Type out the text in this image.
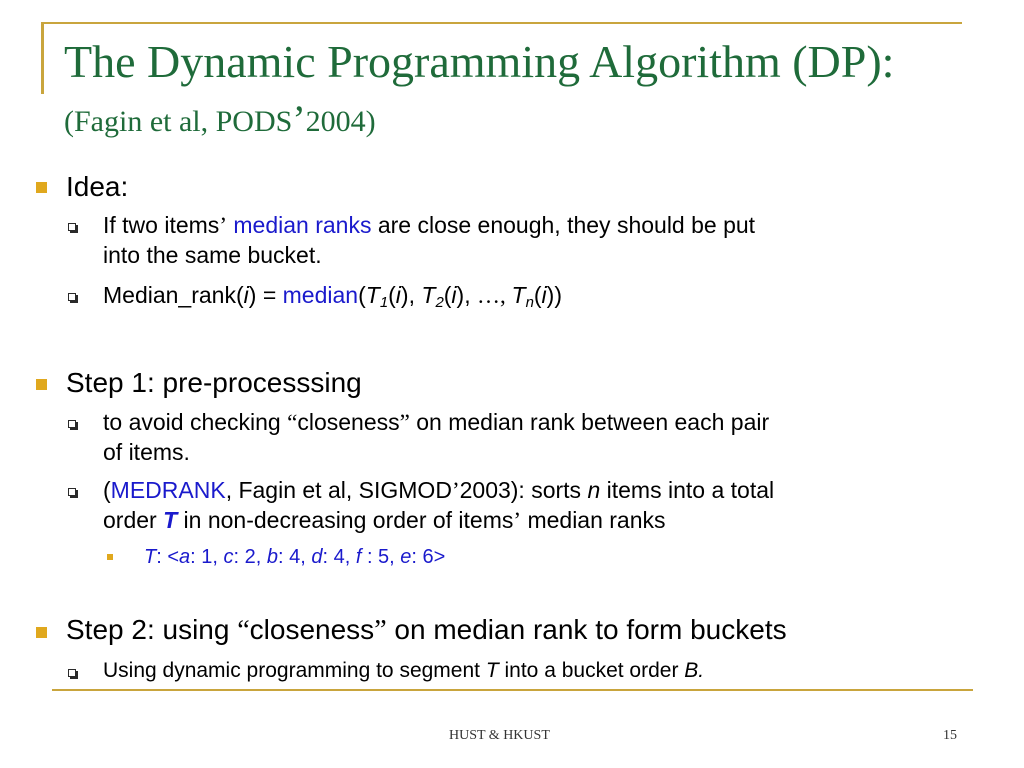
The Dynamic Programming Algorithm (DP):
(Fagin et al, PODS’2004)
Idea:
If two items’ median ranks are close enough, they should be put
into the same bucket.
Median_rank(i) = $median(T_1(i)$, $T_2(i)$, …, $T_n(i)$)
Step 1: pre-processsing
to avoid checking “closeness” on median rank between each pair
of items.
(MEDRANK, Fagin et al, SIGMOD’2003): sorts n items into a total
order T in non-decreasing order of items’ median ranks
T: <a: 1, c: 2, b: 4, d: 4, f : 5, e: 6>
Step 2: using “closeness” on median rank to form buckets
Using dynamic programming to segment T into a bucket order B.
HUST & HKUST	15
